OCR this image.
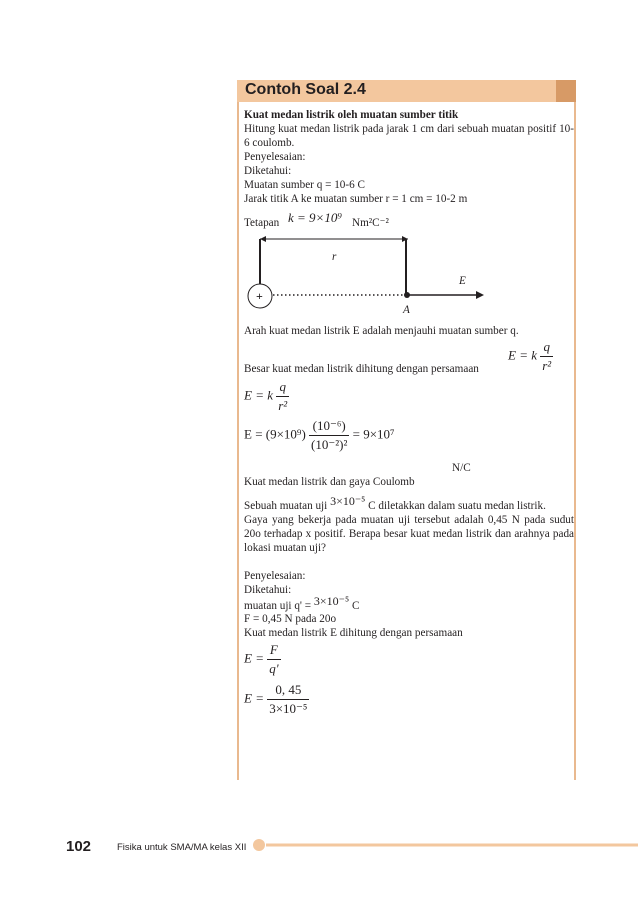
Contoh Soal 2.4
Kuat medan listrik oleh muatan sumber titik
Hitung kuat medan listrik pada jarak 1 cm dari sebuah muatan positif 10-6 coulomb.
Penyelesaian:
Diketahui:
Muatan sumber q = 10-6 C
Jarak titik A ke muatan sumber r = 1 cm = 10-2 m
Tetapan k = 9×10⁹ Nm²C⁻²
r
E
A
+
Arah kuat medan listrik E adalah menjauhi muatan sumber q.
E = k $\frac{q}{\text{r²}}$
Besar kuat medan listrik dihitung dengan persamaan
E = k $\frac{q}{\text{r²}}$
$E = (9\times 10^9) \frac{\text{(10⁻⁶)}}{\text{(10⁻²)²}} = 9\times 10^7$
N/C
Kuat medan listrik dan gaya Coulomb
Sebuah muatan uji 3×10⁻⁵ C diletakkan dalam suatu medan listrik.
Gaya yang bekerja pada muatan uji tersebut adalah 0,45 N pada sudut 20o terhadap x positif. Berapa besar kuat medan listrik dan arahnya pada lokasi muatan uji?
Penyelesaian:
Diketahui:
muatan uji q' = 3×10⁻⁵ C
F = 0,45 N pada 20o
Kuat medan listrik E dihitung dengan persamaan
$E = \frac{F}{q'}$
$E = \frac{0, 45}{\text{3×10⁻⁵}}$
102	Fisika untuk SMA/MA kelas XII
